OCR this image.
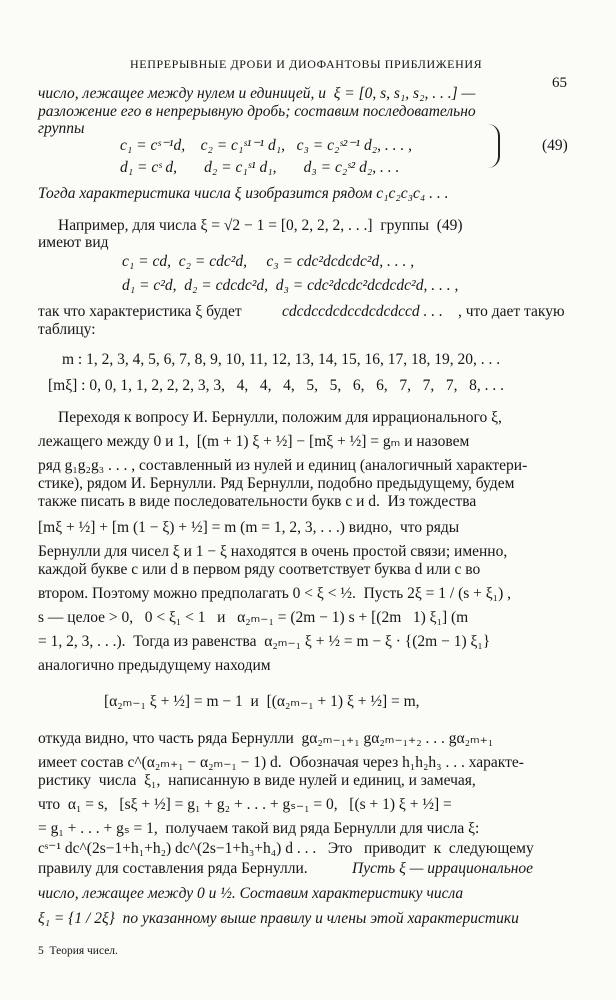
НЕПРЕРЫВНЫЕ ДРОБИ И ДИОФАНТОВЫ ПРИБЛИЖЕНИЯ

65

число, лежащее между нулем и единицей, и  ξ = [0, s, s₁, s₂, . . .] —
разложение его в непрерывную дробь; составим последовательно
группы
c₁ = cˢ⁻¹d,    c₂ = c₁ˢ¹⁻¹ d₁,   c₃ = c₂ˢ²⁻¹ d₂, . . . ,	(49)
d₁ = cˢ d,       d₂ = c₁ˢ¹ d₁,       d₃ = c₂ˢ² d₂, . . .
Тогда характеристика числа ξ изобразится рядом c₁c₂c₃c₄ . . .
Например, для числа ξ = √2 − 1 = [0, 2, 2, 2, . . .]  группы  (49)
имеют вид
c₁ = cd,  c₂ = cdc²d,     c₃ = cdc²dcdcdc²d, . . . ,
d₁ = c²d,  d₂ = cdcdc²d,  d₃ = cdc²dcdc²dcdcdc²d, . . . ,
так что характеристика ξ будет	cdcdccdcdccdcdcdccd . . . , что дает такую
таблицу:
m : 1, 2, 3, 4, 5, 6, 7, 8, 9, 10, 11, 12, 13, 14, 15, 16, 17, 18, 19, 20, . . .
[mξ] : 0, 0, 1, 1, 2, 2, 2, 3, 3,   4,   4,   4,   5,   5,   6,   6,   7,   7,   7,   8, . . .
Переходя к вопросу И. Бернулли, положим для иррационального ξ,
лежащего между 0 и 1,  [(m + 1) ξ + ½] − [mξ + ½] = gₘ и назовем
ряд g₁g₂g₃ . . . , составленный из нулей и единиц (аналогичный характери-
стике), рядом И. Бернулли. Ряд Бернулли, подобно предыдущему, будем
также писать в виде последовательности букв c и d.  Из тождества
[mξ + ½] + [m (1 − ξ) + ½] = m (m = 1, 2, 3, . . .) видно,  что ряды
Бернулли для чисел ξ и 1 − ξ находятся в очень простой связи; именно,
каждой букве c или d в первом ряду соответствует буква d или c во
втором. Поэтому можно предполагать 0 < ξ < ½.  Пусть 2ξ = 1 / (s + ξ₁) ,
s — целое > 0,   0 < ξ₁ < 1   и   α₂ₘ₋₁ = (2m − 1) s + [(2m   1) ξ₁] (m
= 1, 2, 3, . . .).  Тогда из равенства  α₂ₘ₋₁ ξ + ½ = m − ξ · {(2m − 1) ξ₁}
аналогично предыдущему находим
[α₂ₘ₋₁ ξ + ½] = m − 1  и  [(α₂ₘ₋₁ + 1) ξ + ½] = m,
откуда видно, что часть ряда Бернулли  gα₂ₘ₋₁₊₁ gα₂ₘ₋₁₊₂ . . . gα₂ₘ₊₁
имеет состав c^(α₂ₘ₊₁ − α₂ₘ₋₁ − 1) d.  Обозначая через h₁h₂h₃ . . . характе-
ристику  числа  ξ₁,  написанную в виде нулей и единиц, и замечая,
что  α₁ = s,   [sξ + ½] = g₁ + g₂ + . . . + gₛ₋₁ = 0,   [(s + 1) ξ + ½] =
= g₁ + . . . + gₛ = 1,  получаем такой вид ряда Бернулли для числа ξ:
cˢ⁻¹ dc^(2s−1+h₁+h₂) dc^(2s−1+h₃+h₄) d . . .   Это   приводит  к  следующему
правилу для составления ряда Бернулли.	Пусть ξ — иррациональное
число, лежащее между 0 и ½. Составим характеристику числа
ξ₁ = {1 / 2ξ}  по указанному выше правилу и члены этой характеристики
5  Теория чисел.
